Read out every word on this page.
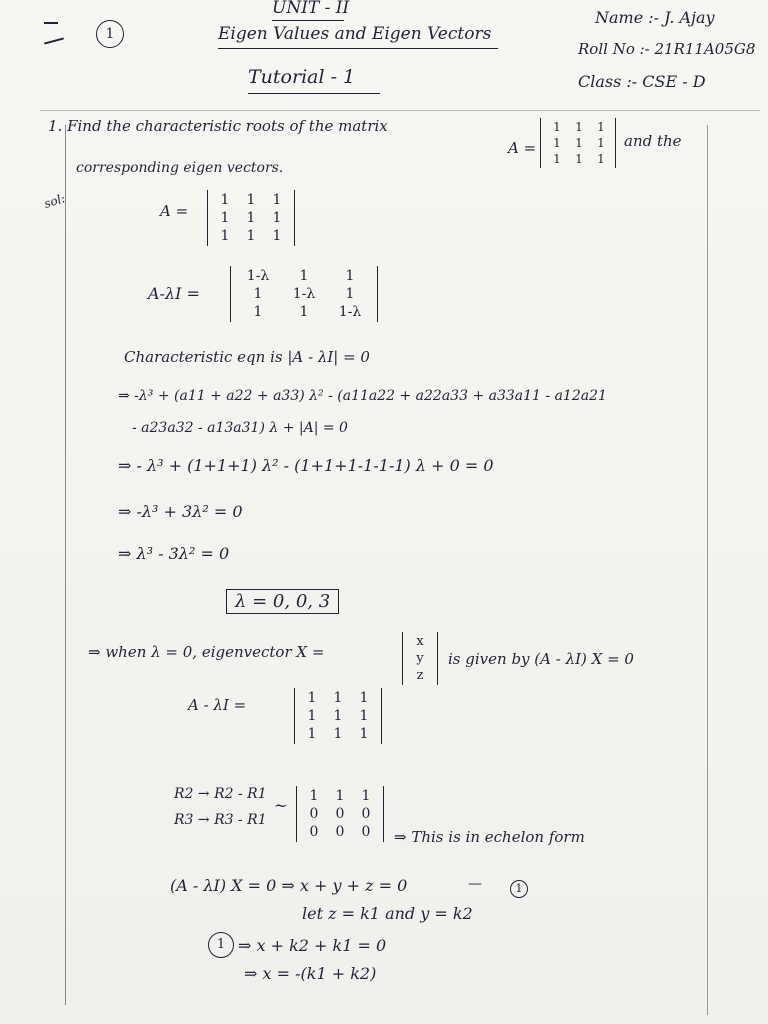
1
UNIT - II
Eigen Values and Eigen Vectors
Tutorial - 1
Name :- J. Ajay
Roll No :- 21R11A05G8
Class :- CSE - D
1. Find the characteristic roots of the matrix
A =
1 1 1
1 1 1
1 1 1
and the
corresponding eigen vectors.
sol:
A =
1 1 1
1 1 1
1 1 1
A-λI =
1-λ	1	1
1	1-λ	1
1	1	1-λ
Characteristic eqn is |A - λI| = 0
⇒ -λ³ + (a11 + a22 + a33) λ² - (a11a22 + a22a33 + a33a11 - a12a21
- a23a32 - a13a31) λ + |A| = 0
⇒ - λ³ + (1+1+1) λ² - (1+1+1-1-1-1) λ + 0 = 0
⇒ -λ³ + 3λ² = 0
⇒ λ³ - 3λ² = 0
λ = 0, 0, 3
⇒ when λ = 0, eigenvector X =
x
y
z
is given by (A - λI) X = 0
A - λI =	1 1 1
1 1 1
1 1 1
R2 → R2 - R1
R3 → R3 - R1
~ 1 1 1
0 0 0
0 0 0 ⇒ This is in echelon form
(A - λI) X = 0 ⇒ x + y + z = 0	—	1
let z = k1 and y = k2
1 ⇒ x + k2 + k1 = 0
⇒ x = -(k1 + k2)
